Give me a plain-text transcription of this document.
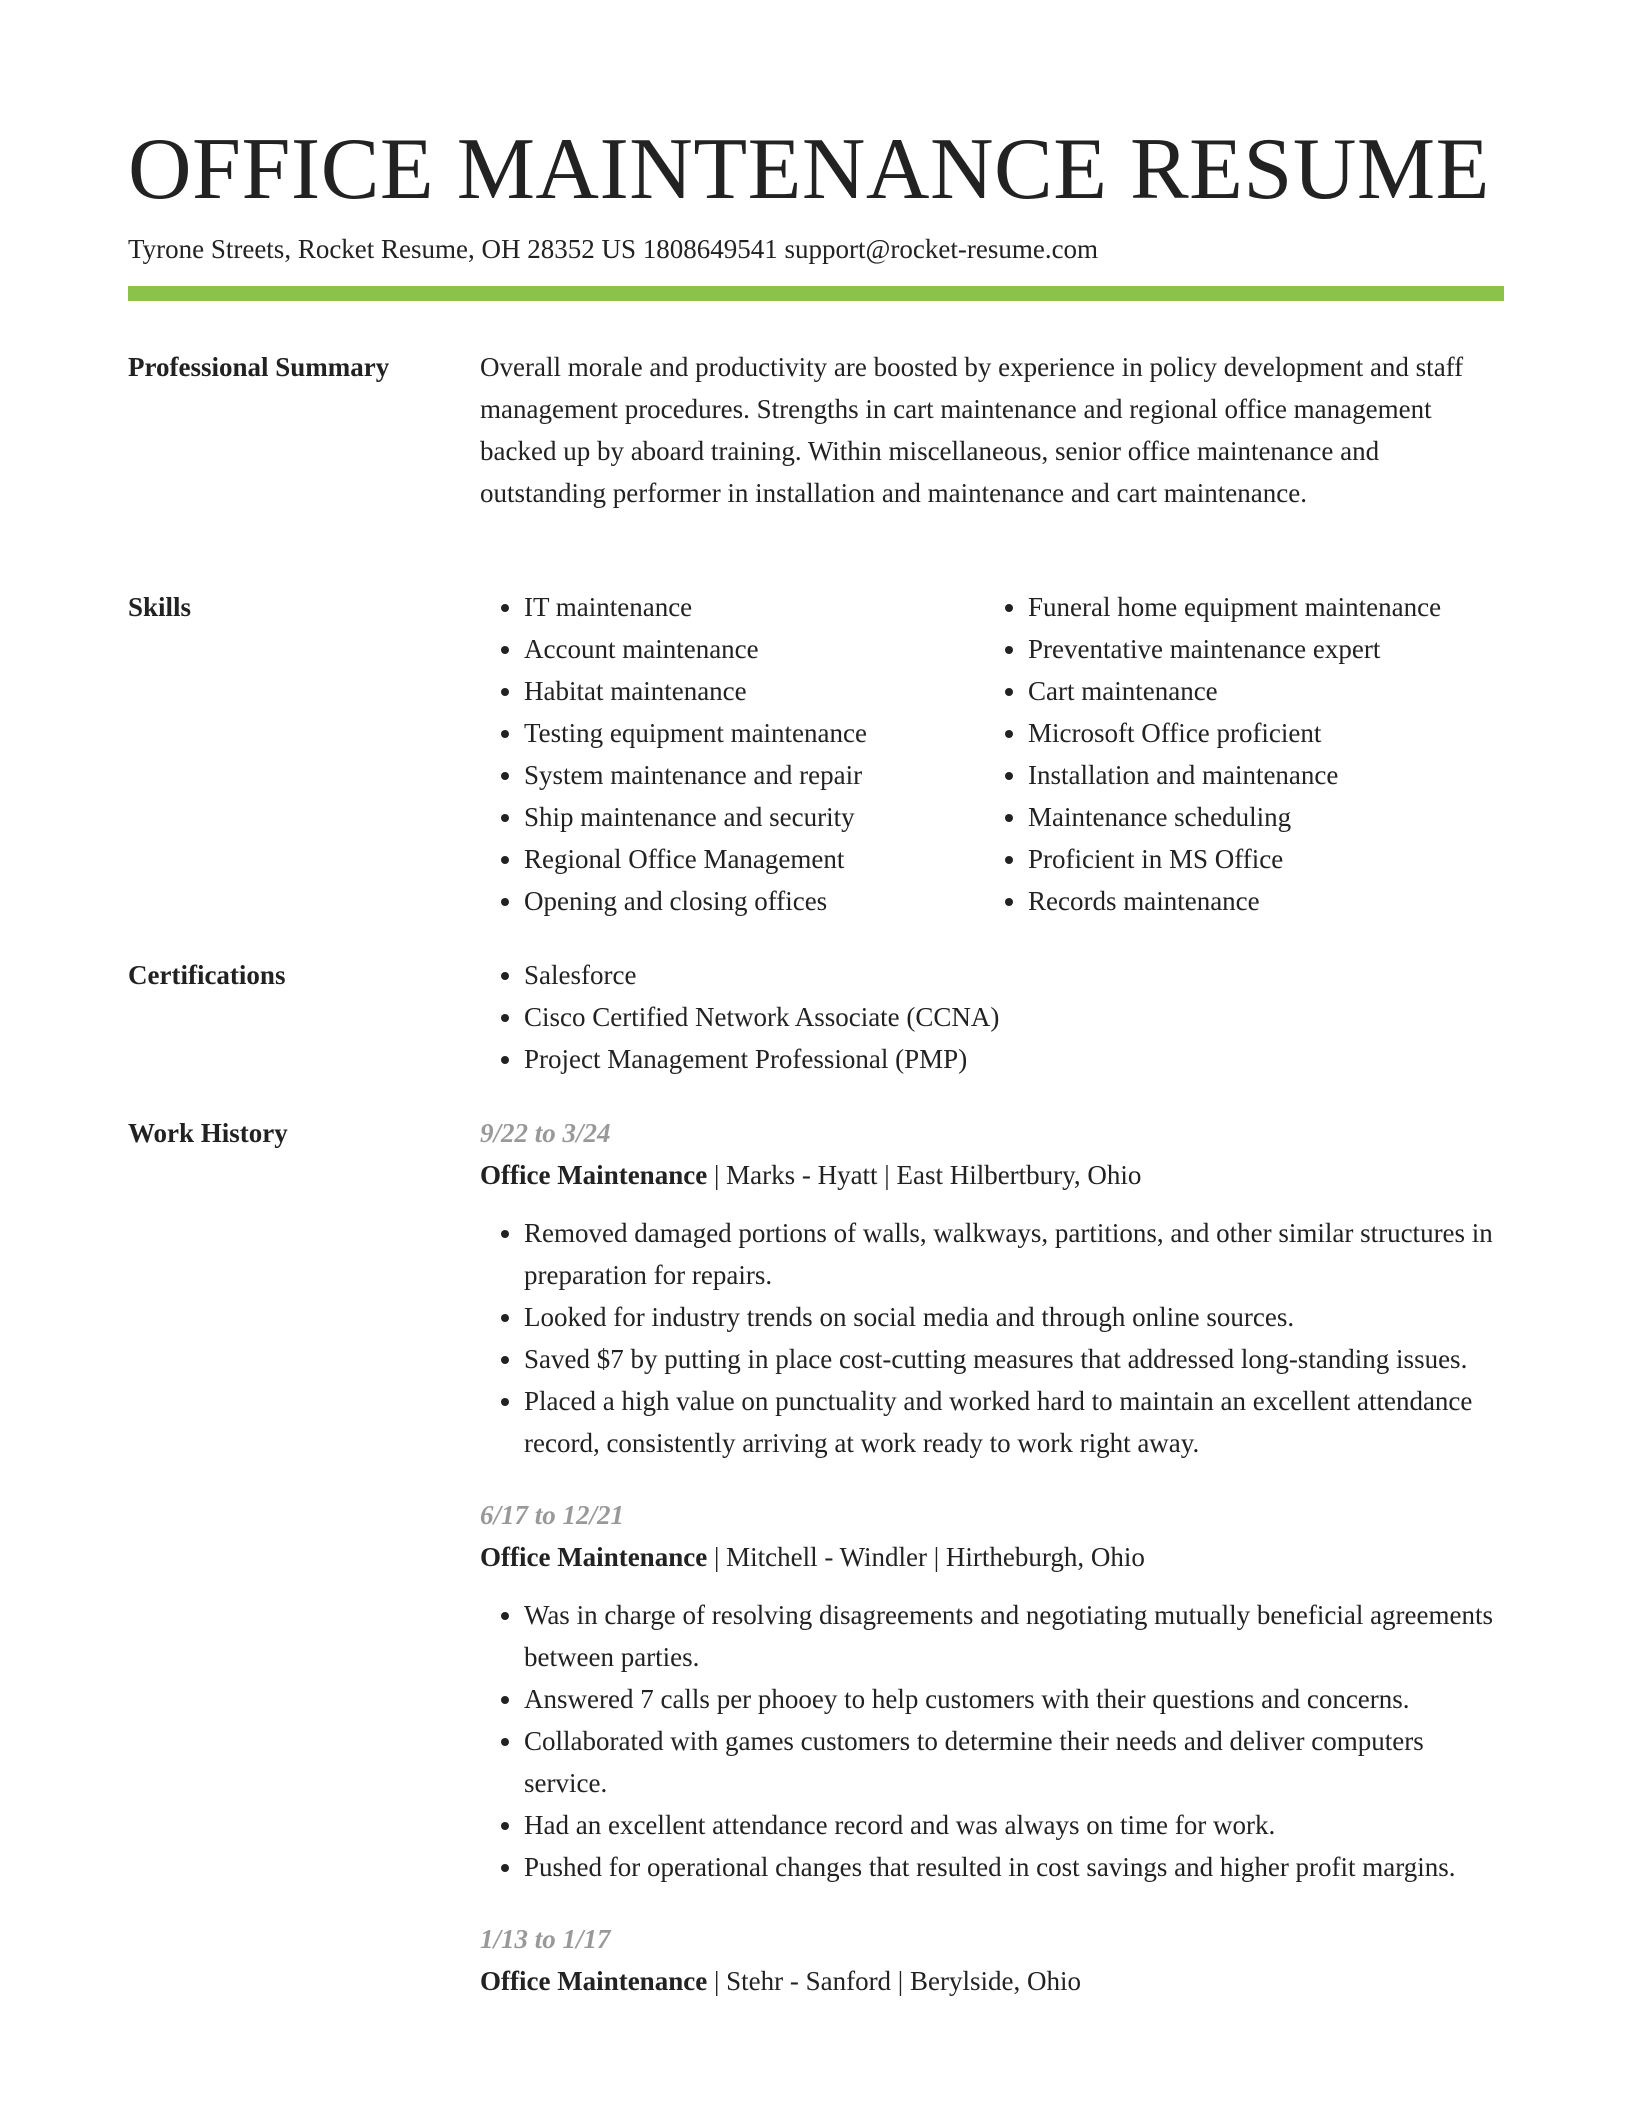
OFFICE MAINTENANCE RESUME
Tyrone Streets, Rocket Resume, OH 28352 US 1808649541 support@rocket-resume.com
Professional Summary	Overall morale and productivity are boosted by experience in policy development and staff management procedures. Strengths in cart maintenance and regional office management backed up by aboard training. Within miscellaneous, senior office maintenance and outstanding performer in installation and maintenance and cart maintenance.

Skills	• IT maintenance
• Account maintenance
• Habitat maintenance
• Testing equipment maintenance
• System maintenance and repair
• Ship maintenance and security
• Regional Office Management
• Opening and closing offices
• Funeral home equipment maintenance
• Preventative maintenance expert
• Cart maintenance
• Microsoft Office proficient
• Installation and maintenance
• Maintenance scheduling
• Proficient in MS Office
• Records maintenance
Certifications	• Salesforce
• Cisco Certified Network Associate (CCNA)
• Project Management Professional (PMP)
Work History	9/22 to 3/24
Office Maintenance | Marks - Hyatt | East Hilbertbury, Ohio
• Removed damaged portions of walls, walkways, partitions, and other similar structures in preparation for repairs.
• Looked for industry trends on social media and through online sources.
• Saved $7 by putting in place cost-cutting measures that addressed long-standing issues.
• Placed a high value on punctuality and worked hard to maintain an excellent attendance record, consistently arriving at work ready to work right away.
6/17 to 12/21
Office Maintenance | Mitchell - Windler | Hirtheburgh, Ohio
• Was in charge of resolving disagreements and negotiating mutually beneficial agreements between parties.
• Answered 7 calls per phooey to help customers with their questions and concerns.
• Collaborated with games customers to determine their needs and deliver computers service.
• Had an excellent attendance record and was always on time for work.
• Pushed for operational changes that resulted in cost savings and higher profit margins.
1/13 to 1/17
Office Maintenance | Stehr - Sanford | Berylside, Ohio
